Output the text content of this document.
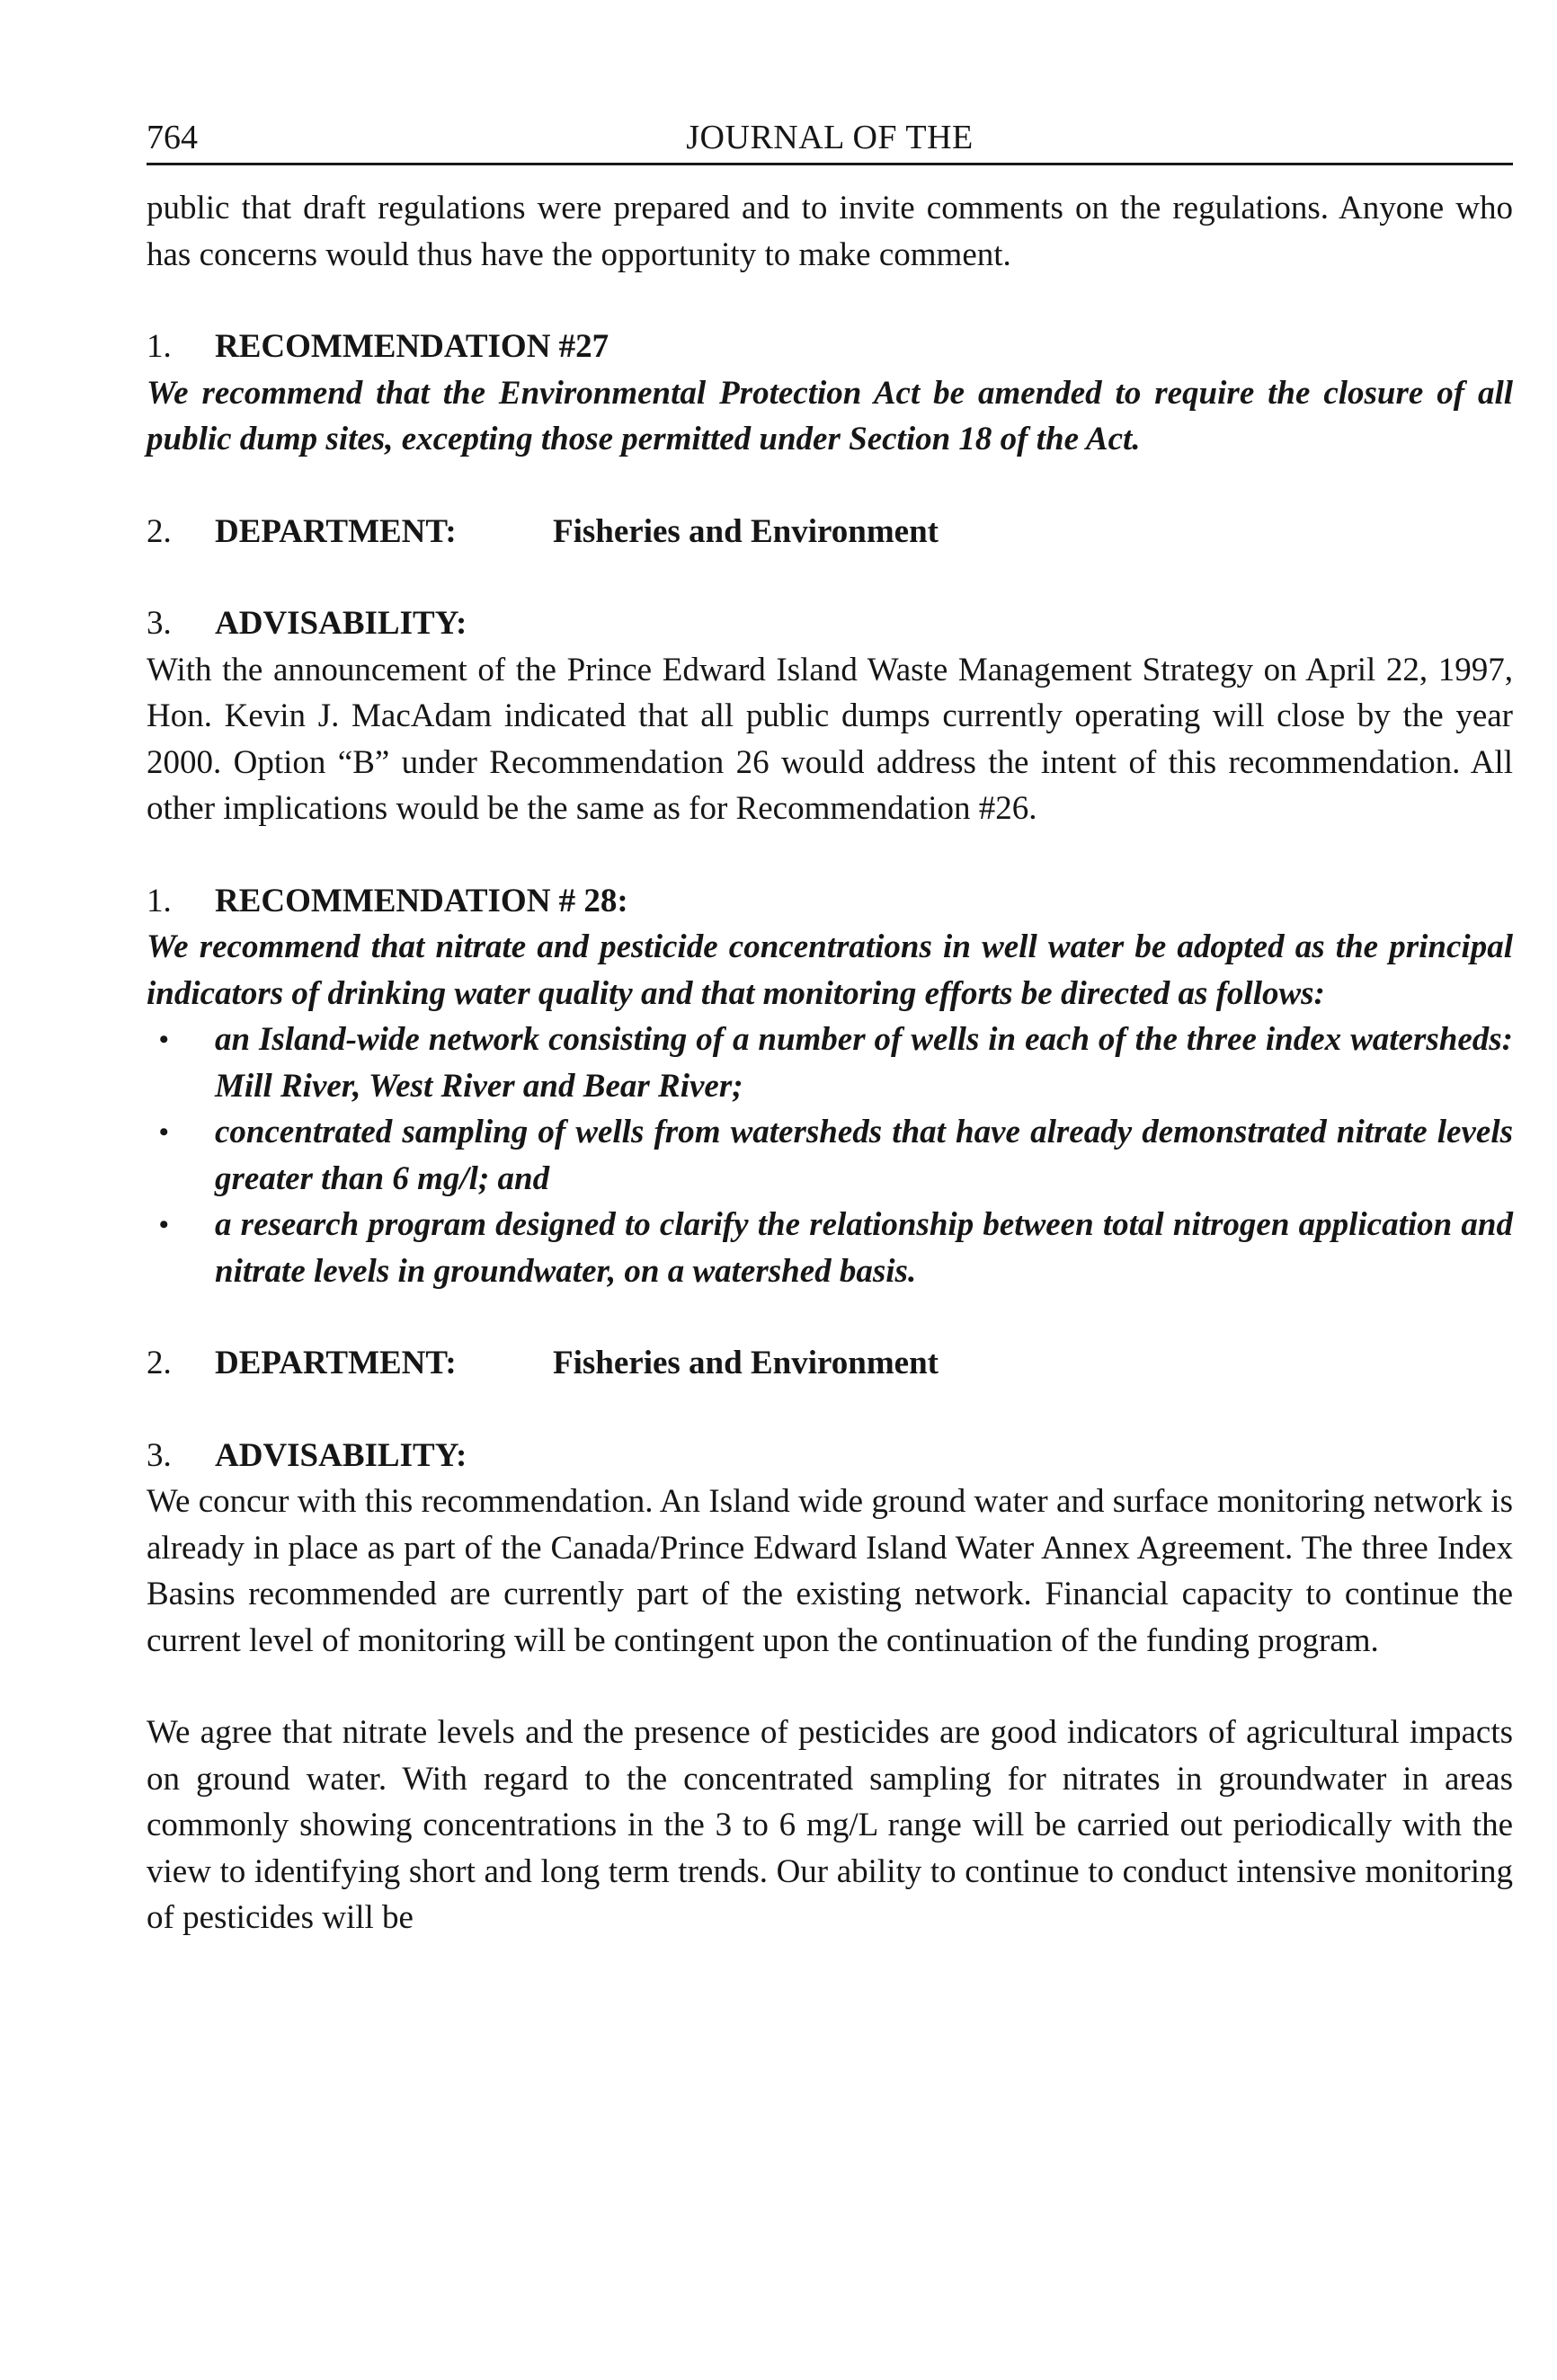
764	JOURNAL OF THE

public that draft regulations were prepared and to invite comments on the regulations. Anyone who has concerns would thus have the opportunity to make comment.

1.	RECOMMENDATION #27

We recommend that the Environmental Protection Act be amended to require the closure of all public dump sites, excepting those permitted under Section 18 of the Act.

2.	DEPARTMENT:	Fisheries and Environment
3.	ADVISABILITY:

With the announcement of the Prince Edward Island Waste Management Strategy on April 22, 1997, Hon. Kevin J. MacAdam indicated that all public dumps currently operating will close by the year 2000. Option “B” under Recommendation 26 would address the intent of this recommendation. All other implications would be the same as for Recommendation #26.

1.	RECOMMENDATION # 28:

We recommend that nitrate and pesticide concentrations in well water be adopted as the principal indicators of drinking water quality and that monitoring efforts be directed as follows:

•	an Island-wide network consisting of a number of wells in each of the three index watersheds: Mill River, West River and Bear River;
•	concentrated sampling of wells from watersheds that have already demonstrated nitrate levels greater than 6 mg/l; and
•	a research program designed to clarify the relationship between total nitrogen application and nitrate levels in groundwater, on a watershed basis.
2.	DEPARTMENT:	Fisheries and Environment
3.	ADVISABILITY:

We concur with this recommendation. An Island wide ground water and surface monitoring network is already in place as part of the Canada/Prince Edward Island Water Annex Agreement. The three Index Basins recommended are currently part of the existing network. Financial capacity to continue the current level of monitoring will be contingent upon the continuation of the funding program.

We agree that nitrate levels and the presence of pesticides are good indicators of agricultural impacts on ground water. With regard to the concentrated sampling for nitrates in groundwater in areas commonly showing concentrations in the 3 to 6 mg/L range will be carried out periodically with the view to identifying short and long term trends. Our ability to continue to conduct intensive monitoring of pesticides will be
